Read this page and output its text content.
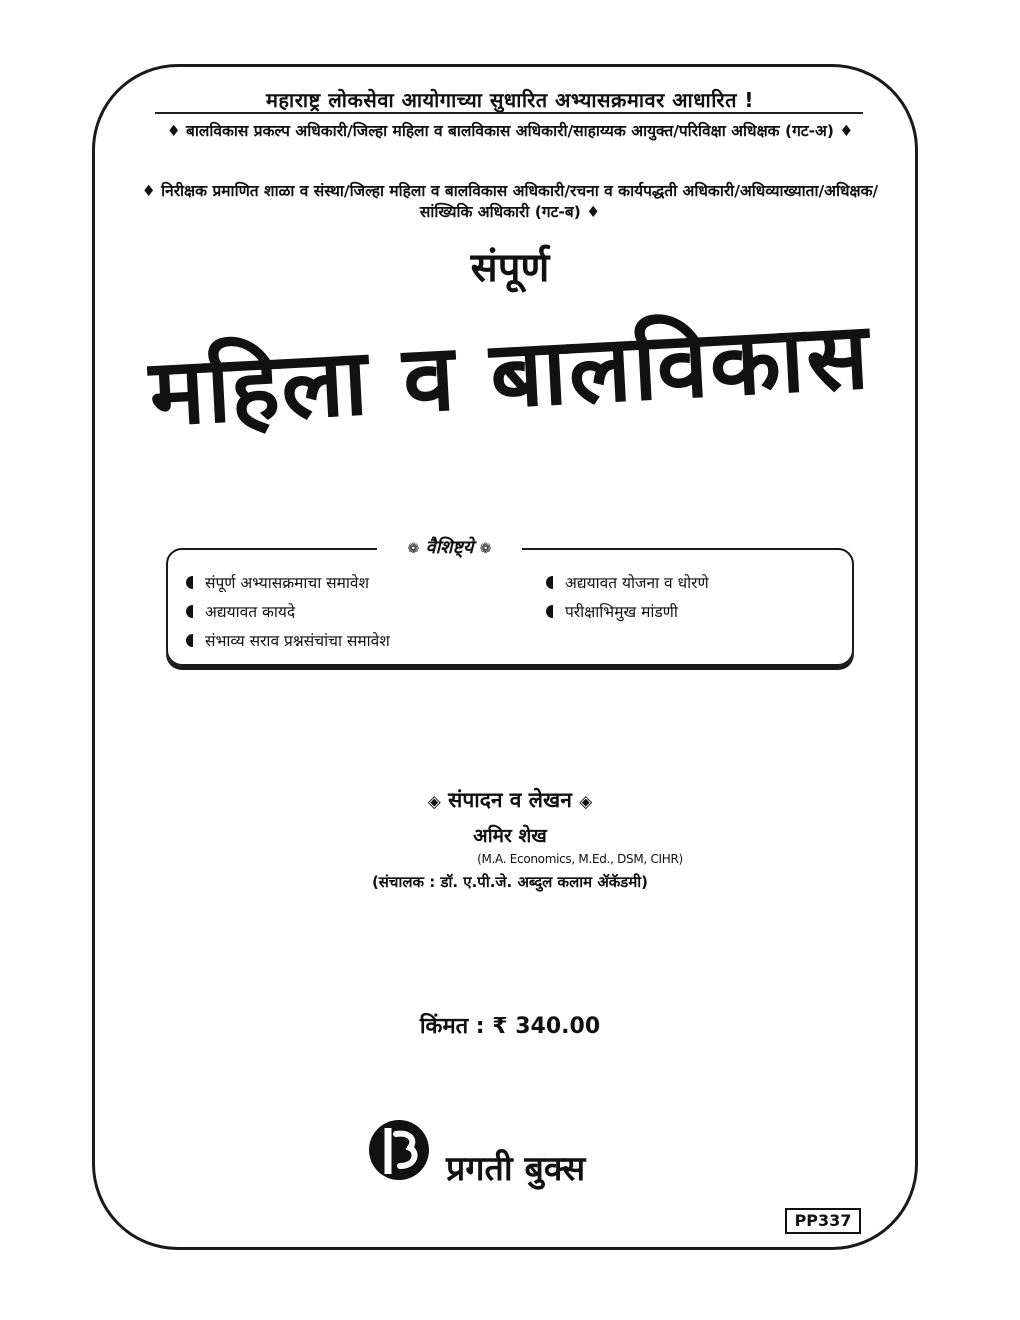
महाराष्ट्र लोकसेवा आयोगाच्या सुधारित अभ्यासक्रमावर आधारित !
♦ बालविकास प्रकल्प अधिकारी/जिल्हा महिला व बालविकास अधिकारी/साहाय्यक आयुक्त/परिविक्षा अधिक्षक (गट-अ) ♦
♦ निरीक्षक प्रमाणित शाळा व संस्था/जिल्हा महिला व बालविकास अधिकारी/रचना व कार्यपद्धती अधिकारी/अधिव्याख्याता/अधिक्षक/सांख्यिकि अधिकारी (गट-ब) ♦
संपूर्ण
महिला व बालविकास
❁ वैशिष्ट्ये ❁
संपूर्ण अभ्यासक्रमाचा समावेश	अद्ययावत योजना व धोरणे
अद्ययावत कायदे	परीक्षाभिमुख मांडणी
संभाव्य सराव प्रश्नसंचांचा समावेश
◈ संपादन व लेखन ◈
अमिर शेख
(M.A. Economics, M.Ed., DSM, CIHR)
(संचालक : डॉ. ए.पी.जे. अब्दुल कलाम ॲकॅडमी)
किंमत : ₹ 340.00
प्रगती बुक्स
PP337
